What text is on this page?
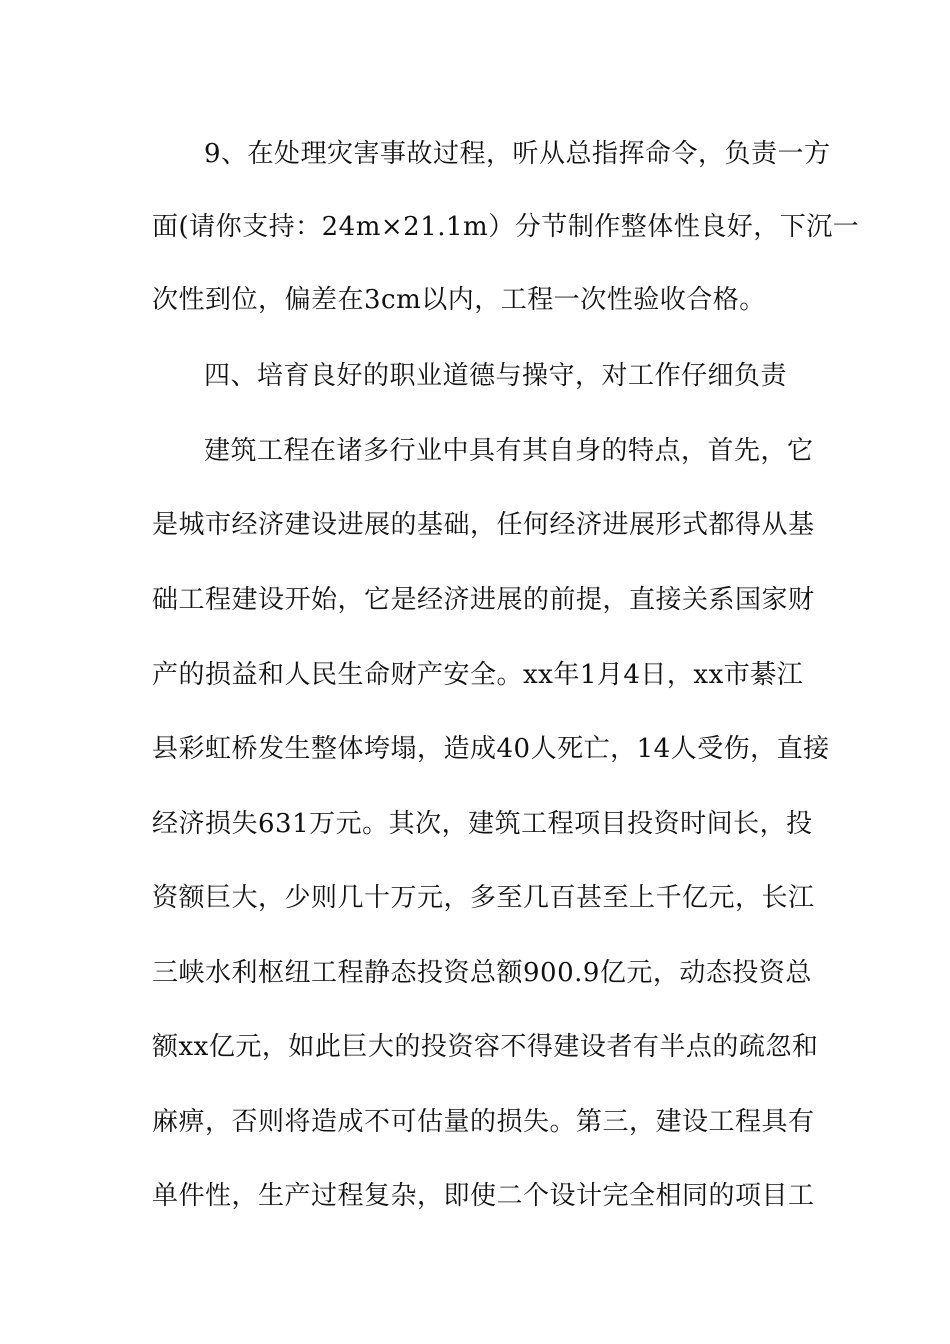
9、在处理灾害事故过程，听从总指挥命令，负责一方
面(请你支持：24m×21.1m）分节制作整体性良好，下沉一
次性到位，偏差在3cm以内，工程一次性验收合格。
四、培育良好的职业道德与操守，对工作仔细负责
建筑工程在诸多行业中具有其自身的特点，首先，它
是城市经济建设进展的基础，任何经济进展形式都得从基
础工程建设开始，它是经济进展的前提，直接关系国家财
产的损益和人民生命财产安全。xx年1月4日，xx市綦江
县彩虹桥发生整体垮塌，造成40人死亡，14人受伤，直接
经济损失631万元。其次，建筑工程项目投资时间长，投
资额巨大，少则几十万元，多至几百甚至上千亿元，长江
三峡水利枢纽工程静态投资总额900.9亿元，动态投资总
额xx亿元，如此巨大的投资容不得建设者有半点的疏忽和
麻痹，否则将造成不可估量的损失。第三，建设工程具有
单件性，生产过程复杂，即使二个设计完全相同的项目工
